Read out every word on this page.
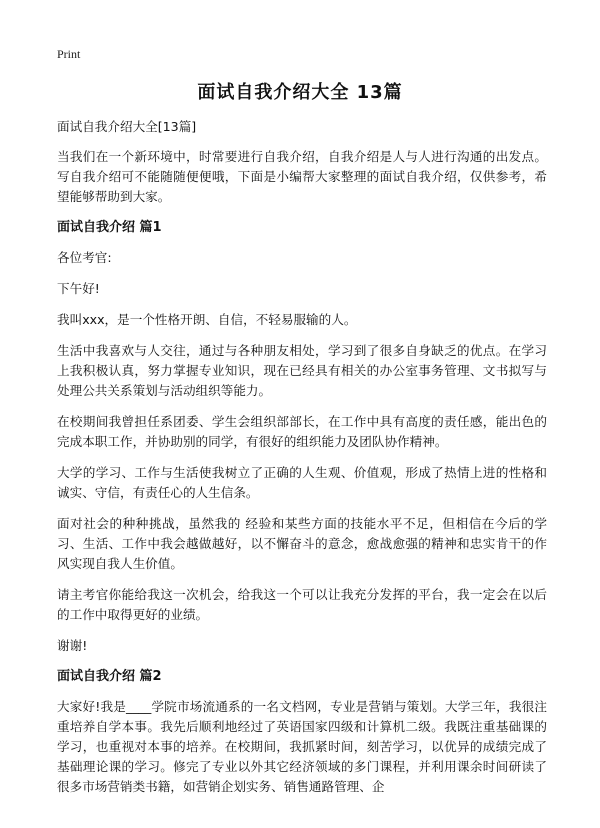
Print
面试自我介绍大全 13篇

面试自我介绍大全[13篇]

当我们在一个新环境中，时常要进行自我介绍，自我介绍是人与人进行沟通的出发点。写自我介绍可不能随随便便哦，下面是小编帮大家整理的面试自我介绍，仅供参考，希望能够帮助到大家。

面试自我介绍 篇1

各位考官:

下午好!

我叫xxx，是一个性格开朗、自信，不轻易服输的人。

生活中我喜欢与人交往，通过与各种朋友相处，学习到了很多自身缺乏的优点。在学习上我积极认真，努力掌握专业知识，现在已经具有相关的办公室事务管理、文书拟写与处理公共关系策划与活动组织等能力。

在校期间我曾担任系团委、学生会组织部部长，在工作中具有高度的责任感，能出色的完成本职工作，并协助别的同学，有很好的组织能力及团队协作精神。

大学的学习、工作与生活使我树立了正确的人生观、价值观，形成了热情上进的性格和诚实、守信，有责任心的人生信条。

面对社会的种种挑战，虽然我的 经验和某些方面的技能水平不足，但相信在今后的学习、生活、工作中我会越做越好，以不懈奋斗的意念，愈战愈强的精神和忠实肯干的作风实现自我人生价值。

请主考官你能给我这一次机会，给我这一个可以让我充分发挥的平台，我一定会在以后的工作中取得更好的业绩。

谢谢!

面试自我介绍 篇2

大家好!我是____学院市场流通系的一名文档网，专业是营销与策划。大学三年，我很注重培养自学本事。我先后顺利地经过了英语国家四级和计算机二级。我既注重基础课的学习，也重视对本事的培养。在校期间，我抓紧时间，刻苦学习，以优异的成绩完成了基础理论课的学习。修完了专业以外其它经济领域的多门课程，并利用课余时间研读了很多市场营销类书籍，如营销企划实务、销售通路管理、企
